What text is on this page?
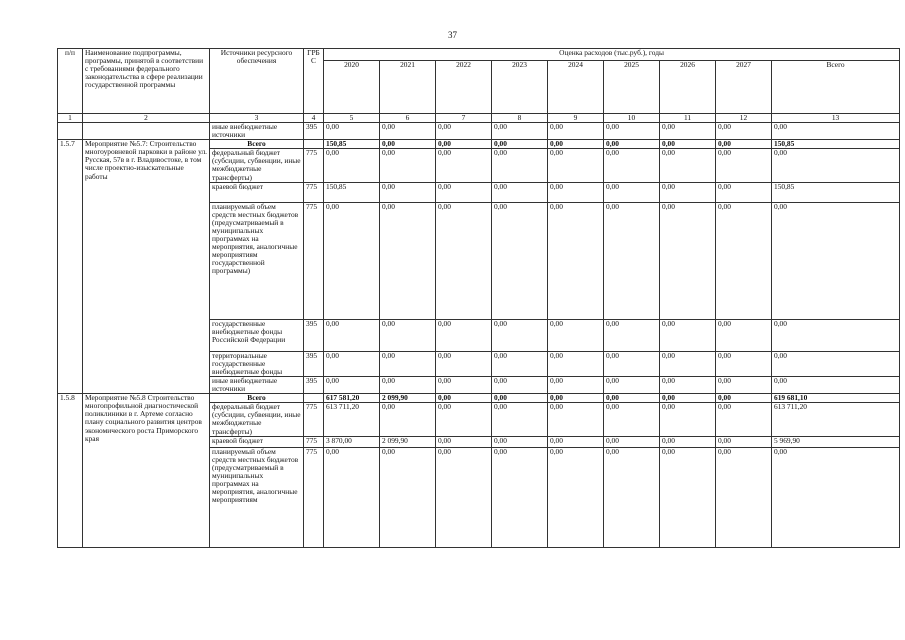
37
п/п	Наименование подпрограммы, программы, принятой в соответствии с требованиями федерального законодательства в сфере реализации государственной программы	Источники ресурсного обеспечения	ГРБС	Оценка расходов (тыс.руб.), годы								
				2020	2021	2022	2023	2024	2025	2026	2027	Всего
1	2	3	4	5	6	7	8	9	10	11	12	13
		иные внебюджетные источники	395	0,00	0,00	0,00	0,00	0,00	0,00	0,00	0,00	0,00
1.5.7	Мероприятие №5.7: Строительство многоуровневой парковки в районе ул. Русская, 57в в г. Владивостоке, в том числе проектно-изыскательные работы	Всего		150,85	0,00	0,00	0,00	0,00	0,00	0,00	0,00	150,85
		федеральный бюджет (субсидии, субвенции, иные межбюджетные трансферты)	775	0,00	0,00	0,00	0,00	0,00	0,00	0,00	0,00	0,00
		краевой бюджет	775	150,85	0,00	0,00	0,00	0,00	0,00	0,00	0,00	150,85
		планируемый объем средств местных бюджетов (предусматриваемый в муниципальных программах на мероприятия, аналогичные мероприятиям государственной программы)	775	0,00	0,00	0,00	0,00	0,00	0,00	0,00	0,00	0,00
		государственные внебюджетные фонды Российской Федерации	395	0,00	0,00	0,00	0,00	0,00	0,00	0,00	0,00	0,00
		территориальные государственные внебюджетные фонды	395	0,00	0,00	0,00	0,00	0,00	0,00	0,00	0,00	0,00
		иные внебюджетные источники	395	0,00	0,00	0,00	0,00	0,00	0,00	0,00	0,00	0,00
1.5.8	Мероприятие №5.8 Строительство многопрофильной диагностической поликлиники в г. Артеме согласно плану социального развития центров экономического роста Приморского края	Всего		617 581,20	2 099,90	0,00	0,00	0,00	0,00	0,00	0,00	619 681,10
		федеральный бюджет (субсидии, субвенции, иные межбюджетные трансферты)	775	613 711,20	0,00	0,00	0,00	0,00	0,00	0,00	0,00	613 711,20
		краевой бюджет	775	3 870,00	2 099,90	0,00	0,00	0,00	0,00	0,00	0,00	5 969,90
		планируемый объем средств местных бюджетов (предусматриваемый в муниципальных программах на мероприятия, аналогичные мероприятиям	775	0,00	0,00	0,00	0,00	0,00	0,00	0,00	0,00	0,00
